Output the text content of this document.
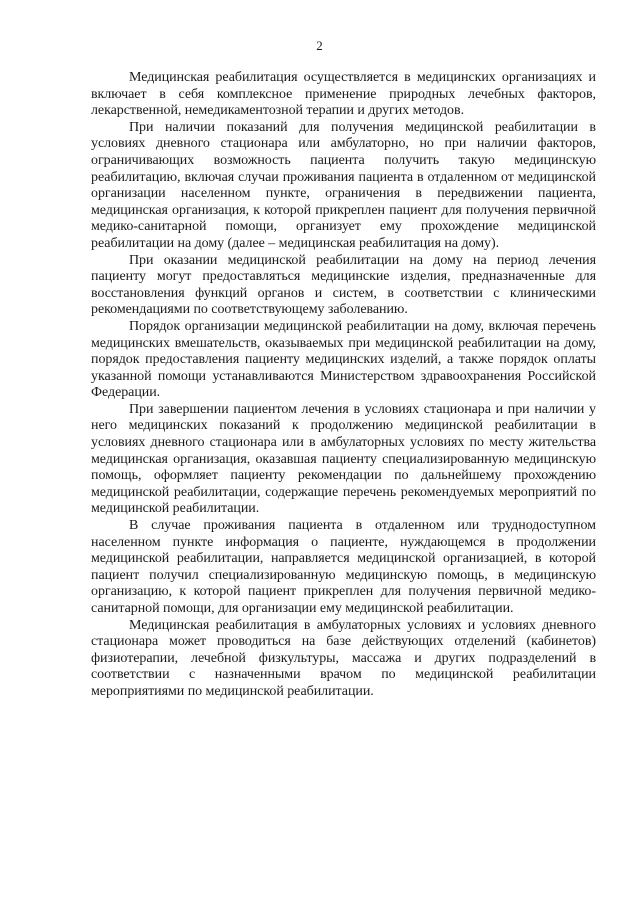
2

Медицинская реабилитация осуществляется в медицинских организациях и включает в себя комплексное применение природных лечебных факторов, лекарственной, немедикаментозной терапии и других методов.

При наличии показаний для получения медицинской реабилитации в условиях дневного стационара или амбулаторно, но при наличии факторов, ограничивающих возможность пациента получить такую медицинскую реабилитацию, включая случаи проживания пациента в отдаленном от медицинской организации населенном пункте, ограничения в передвижении пациента, медицинская организация, к которой прикреплен пациент для получения первичной медико-санитарной помощи, организует ему прохождение медицинской реабилитации на дому (далее – медицинская реабилитация на дому).

При оказании медицинской реабилитации на дому на период лечения пациенту могут предоставляться медицинские изделия, предназначенные для восстановления функций органов и систем, в соответствии с клиническими рекомендациями по соответствующему заболеванию.

Порядок организации медицинской реабилитации на дому, включая перечень медицинских вмешательств, оказываемых при медицинской реабилитации на дому, порядок предоставления пациенту медицинских изделий, а также порядок оплаты указанной помощи устанавливаются Министерством здравоохранения Российской Федерации.

При завершении пациентом лечения в условиях стационара и при наличии у него медицинских показаний к продолжению медицинской реабилитации в условиях дневного стационара или в амбулаторных условиях по месту жительства медицинская организация, оказавшая пациенту специализированную медицинскую помощь, оформляет пациенту рекомендации по дальнейшему прохождению медицинской реабилитации, содержащие перечень рекомендуемых мероприятий по медицинской реабилитации.

В случае проживания пациента в отдаленном или труднодоступном населенном пункте информация о пациенте, нуждающемся в продолжении медицинской реабилитации, направляется медицинской организацией, в которой пациент получил специализированную медицинскую помощь, в медицинскую организацию, к которой пациент прикреплен для получения первичной медико-санитарной помощи, для организации ему медицинской реабилитации.

Медицинская реабилитация в амбулаторных условиях и условиях дневного стационара может проводиться на базе действующих отделений (кабинетов) физиотерапии, лечебной физкультуры, массажа и других подразделений в соответствии с назначенными врачом по медицинской реабилитации мероприятиями по медицинской реабилитации.
